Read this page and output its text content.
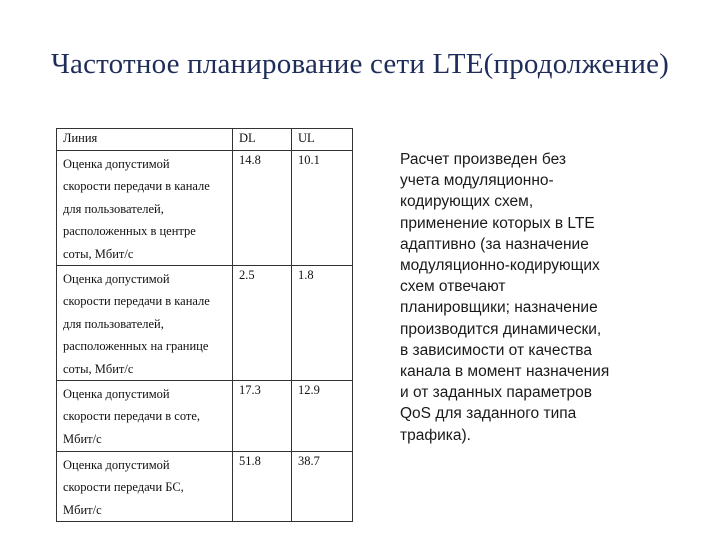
Частотное планирование сети LTE(продолжение)
Линия	DL	UL
Оценка допустимой
скорости передачи в канале
для пользователей,
расположенных в центре
соты, Мбит/с	14.8	10.1
Оценка допустимой
скорости передачи в канале
для пользователей,
расположенных на границе
соты, Мбит/с	2.5	1.8
Оценка допустимой
скорости передачи в соте,
Мбит/с	17.3	12.9
Оценка допустимой
скорости передачи БС,
Мбит/с	51.8	38.7
Расчет произведен без
учета модуляционно-
кодирующих схем,
применение которых в LTE
адаптивно (за назначение
модуляционно-кодирующих
схем отвечают
планировщики; назначение
производится динамически,
в зависимости от качества
канала в момент назначения
и от заданных параметров
QoS для заданного типа
трафика).
